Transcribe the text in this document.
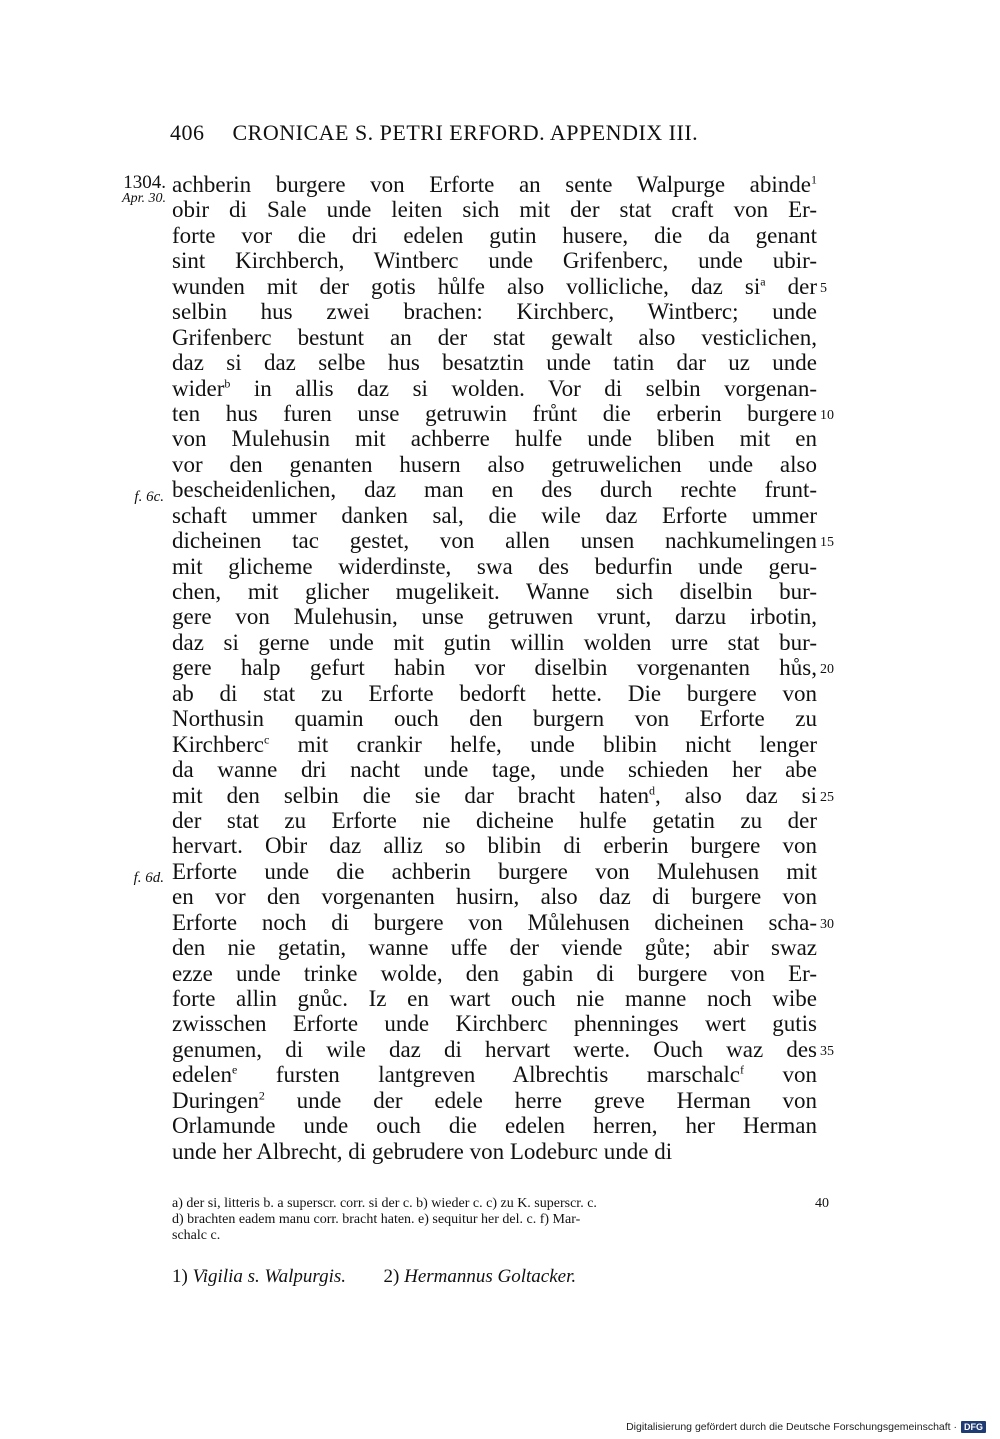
406 CRONICAE S. PETRI ERFORD. APPENDIX III.
1304.
Apr. 30.
f. 6c.
f. 6d.
achberin burgere von Erforte an sente Walpurge abinde$^1$
obir di Sale unde leiten sich mit der stat craft von Er-
forte vor die dri edelen gutin husere, die da genant
sint Kirchberch, Wintberc unde Grifenberc, unde ubir-
wunden mit der gotis hůlfe also vollicliche, daz $si^a$ der 5
selbin hus zwei brachen: Kirchberc, Wintberc; unde
Grifenberc bestunt an der stat gewalt also vesticlichen,
daz si daz selbe hus besatztin unde tatin dar uz unde
wider$^b$ in allis daz si wolden. Vor di selbin vorgenan-
ten hus furen unse getruwin frůnt die erberin burgere 10
von Mulehusin mit achberre hulfe unde bliben mit en
vor den genanten husern also getruwelichen unde also
bescheidenlichen, daz man en des durch rechte frunt-
schaft ummer danken sal, die wile daz Erforte ummer
dicheinen tac gestet, von allen unsen nachkumelingen 15
mit glicheme widerdinste, swa des bedurfin unde geru-
chen, mit glicher mugelikeit. Wanne sich diselbin bur-
gere von Mulehusin, unse getruwen vrunt, darzu irbotin,
daz si gerne unde mit gutin willin wolden urre stat bur-
gere halp gefurt habin vor diselbin vorgenanten hůs, 20
ab di stat zu Erforte bedorft hette. Die burgere von
Northusin quamin ouch den burgern von Erforte zu
Kirchberc$^c$ mit crankir helfe, unde blibin nicht lenger
da wanne dri nacht unde tage, unde schieden her abe
mit den selbin die sie dar bracht haten$^d$, also daz si 25
der stat zu Erforte nie dicheine hulfe getatin zu der
hervart. Obir daz alliz so blibin di erberin burgere von
Erforte unde die achberin burgere von Mulehusen mit
en vor den vorgenanten husirn, also daz di burgere von
Erforte noch di burgere von Můlehusen dicheinen scha- 30
den nie getatin, wanne uffe der viende gůte; abir swaz
ezze unde trinke wolde, den gabin di burgere von Er-
forte allin gnůc. Iz en wart ouch nie manne noch wibe
zwisschen Erforte unde Kirchberc phenninges wert gutis
genumen, di wile daz di hervart werte. Ouch waz des 35
edelen$^e$ fursten lantgreven Albrechtis marschalc$^f$ von
Duringen$^2$ unde der edele herre greve Herman von
Orlamunde unde ouch die edelen herren, her Herman
unde her Albrecht, di gebrudere von Lodeburc unde di
a) der si, litteris b. a superscr. corr. si der c. b) wieder c. c) zu K. superscr. c.	40
d) brachten eadem manu corr. bracht haten. e) sequitur her del. c. f) Mar-
schalc c.
1) Vigilia s. Walpurgis. 2) Hermannus Goltacker.
Digitalisierung gefördert durch die Deutsche Forschungsgemeinschaft · DFG
